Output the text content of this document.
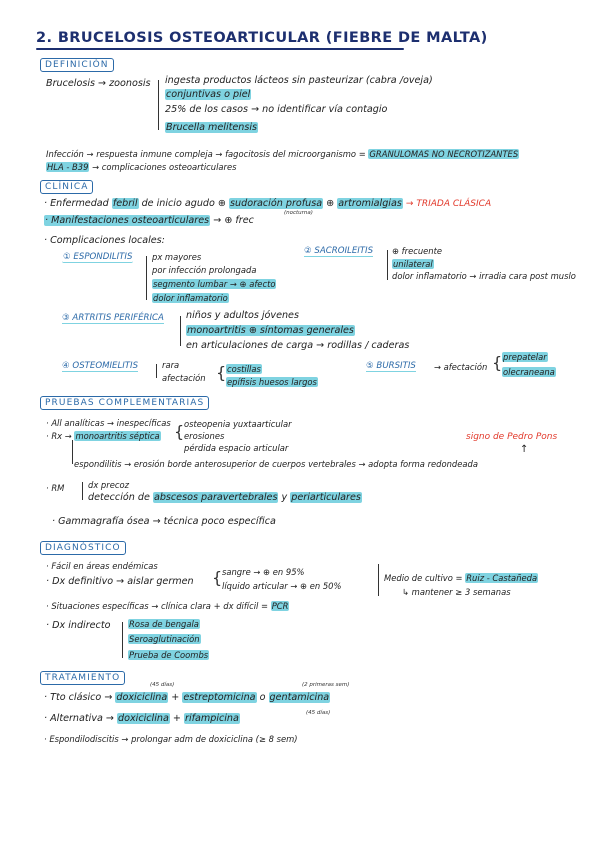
2. BRUCELOSIS OSTEOARTICULAR (FIEBRE DE MALTA)
DEFINICIÓN
Brucelosis → zoonosis ingesta productos lácteos sin pasteurizar (cabra /oveja)
conjuntivas o piel
25% de los casos → no identificar vía contagio
Brucella melitensis
Infección → respuesta inmune compleja → fagocitosis del microorganismo = GRANULOMAS NO NECROTIZANTES
HLA - B39 → complicaciones osteoarticulares
CLÍNICA
· Enfermedad febril de inicio agudo ⊕ sudoración profusa ⊕ artromialgias → TRIADA CLÁSICA
(nocturna)
· Manifestaciones osteoarticulares → ⊕ frec
· Complicaciones locales:
① ESPONDILITIS px mayores
por infección prolongada
segmento lumbar → ⊕ afecto
dolor inflamatorio
② SACROILEITIS ⊕ frecuente
unilateral
dolor inflamatorio → irradia cara post muslo
③ ARTRITIS PERIFÉRICA niños y adultos jóvenes
monoartritis ⊕ síntomas generales
en articulaciones de carga → rodillas / caderas
④ OSTEOMIELITIS	rara
afectación { costillas
epífisis huesos largos
⑤ BURSITIS → afectación { prepatelar
olecraneana
PRUEBAS COMPLEMENTARIAS
· All analíticas → inespecíficas
· Rx → monoartritis séptica { osteopenia yuxtaarticular
erosiones
pérdida espacio articular
signo de Pedro Pons
↑
espondilitis → erosión borde anterosuperior de cuerpos vertebrales → adopta forma redondeada
· RM	dx precoz
detección de abscesos paravertebrales y periarticulares
· Gammagrafía ósea → técnica poco específica
DIAGNÓSTICO
· Fácil en áreas endémicas
· Dx definitivo → aislar germen { sangre → ⊕ en 95%
líquido articular → ⊕ en 50%
Medio de cultivo = Ruiz - Castañeda
↳ mantener ≥ 3 semanas
· Situaciones específicas → clínica clara + dx difícil = PCR
· Dx indirecto Rosa de bengala
Seroaglutinación
Prueba de Coombs
TRATAMIENTO
(45 días)	(2 primeras sem)
· Tto clásico → doxiciclina + estreptomicina o gentamicina
(45 días)
· Alternativa → doxiciclina + rifampicina
· Espondilodiscitis → prolongar adm de doxiciclina (≥ 8 sem)
